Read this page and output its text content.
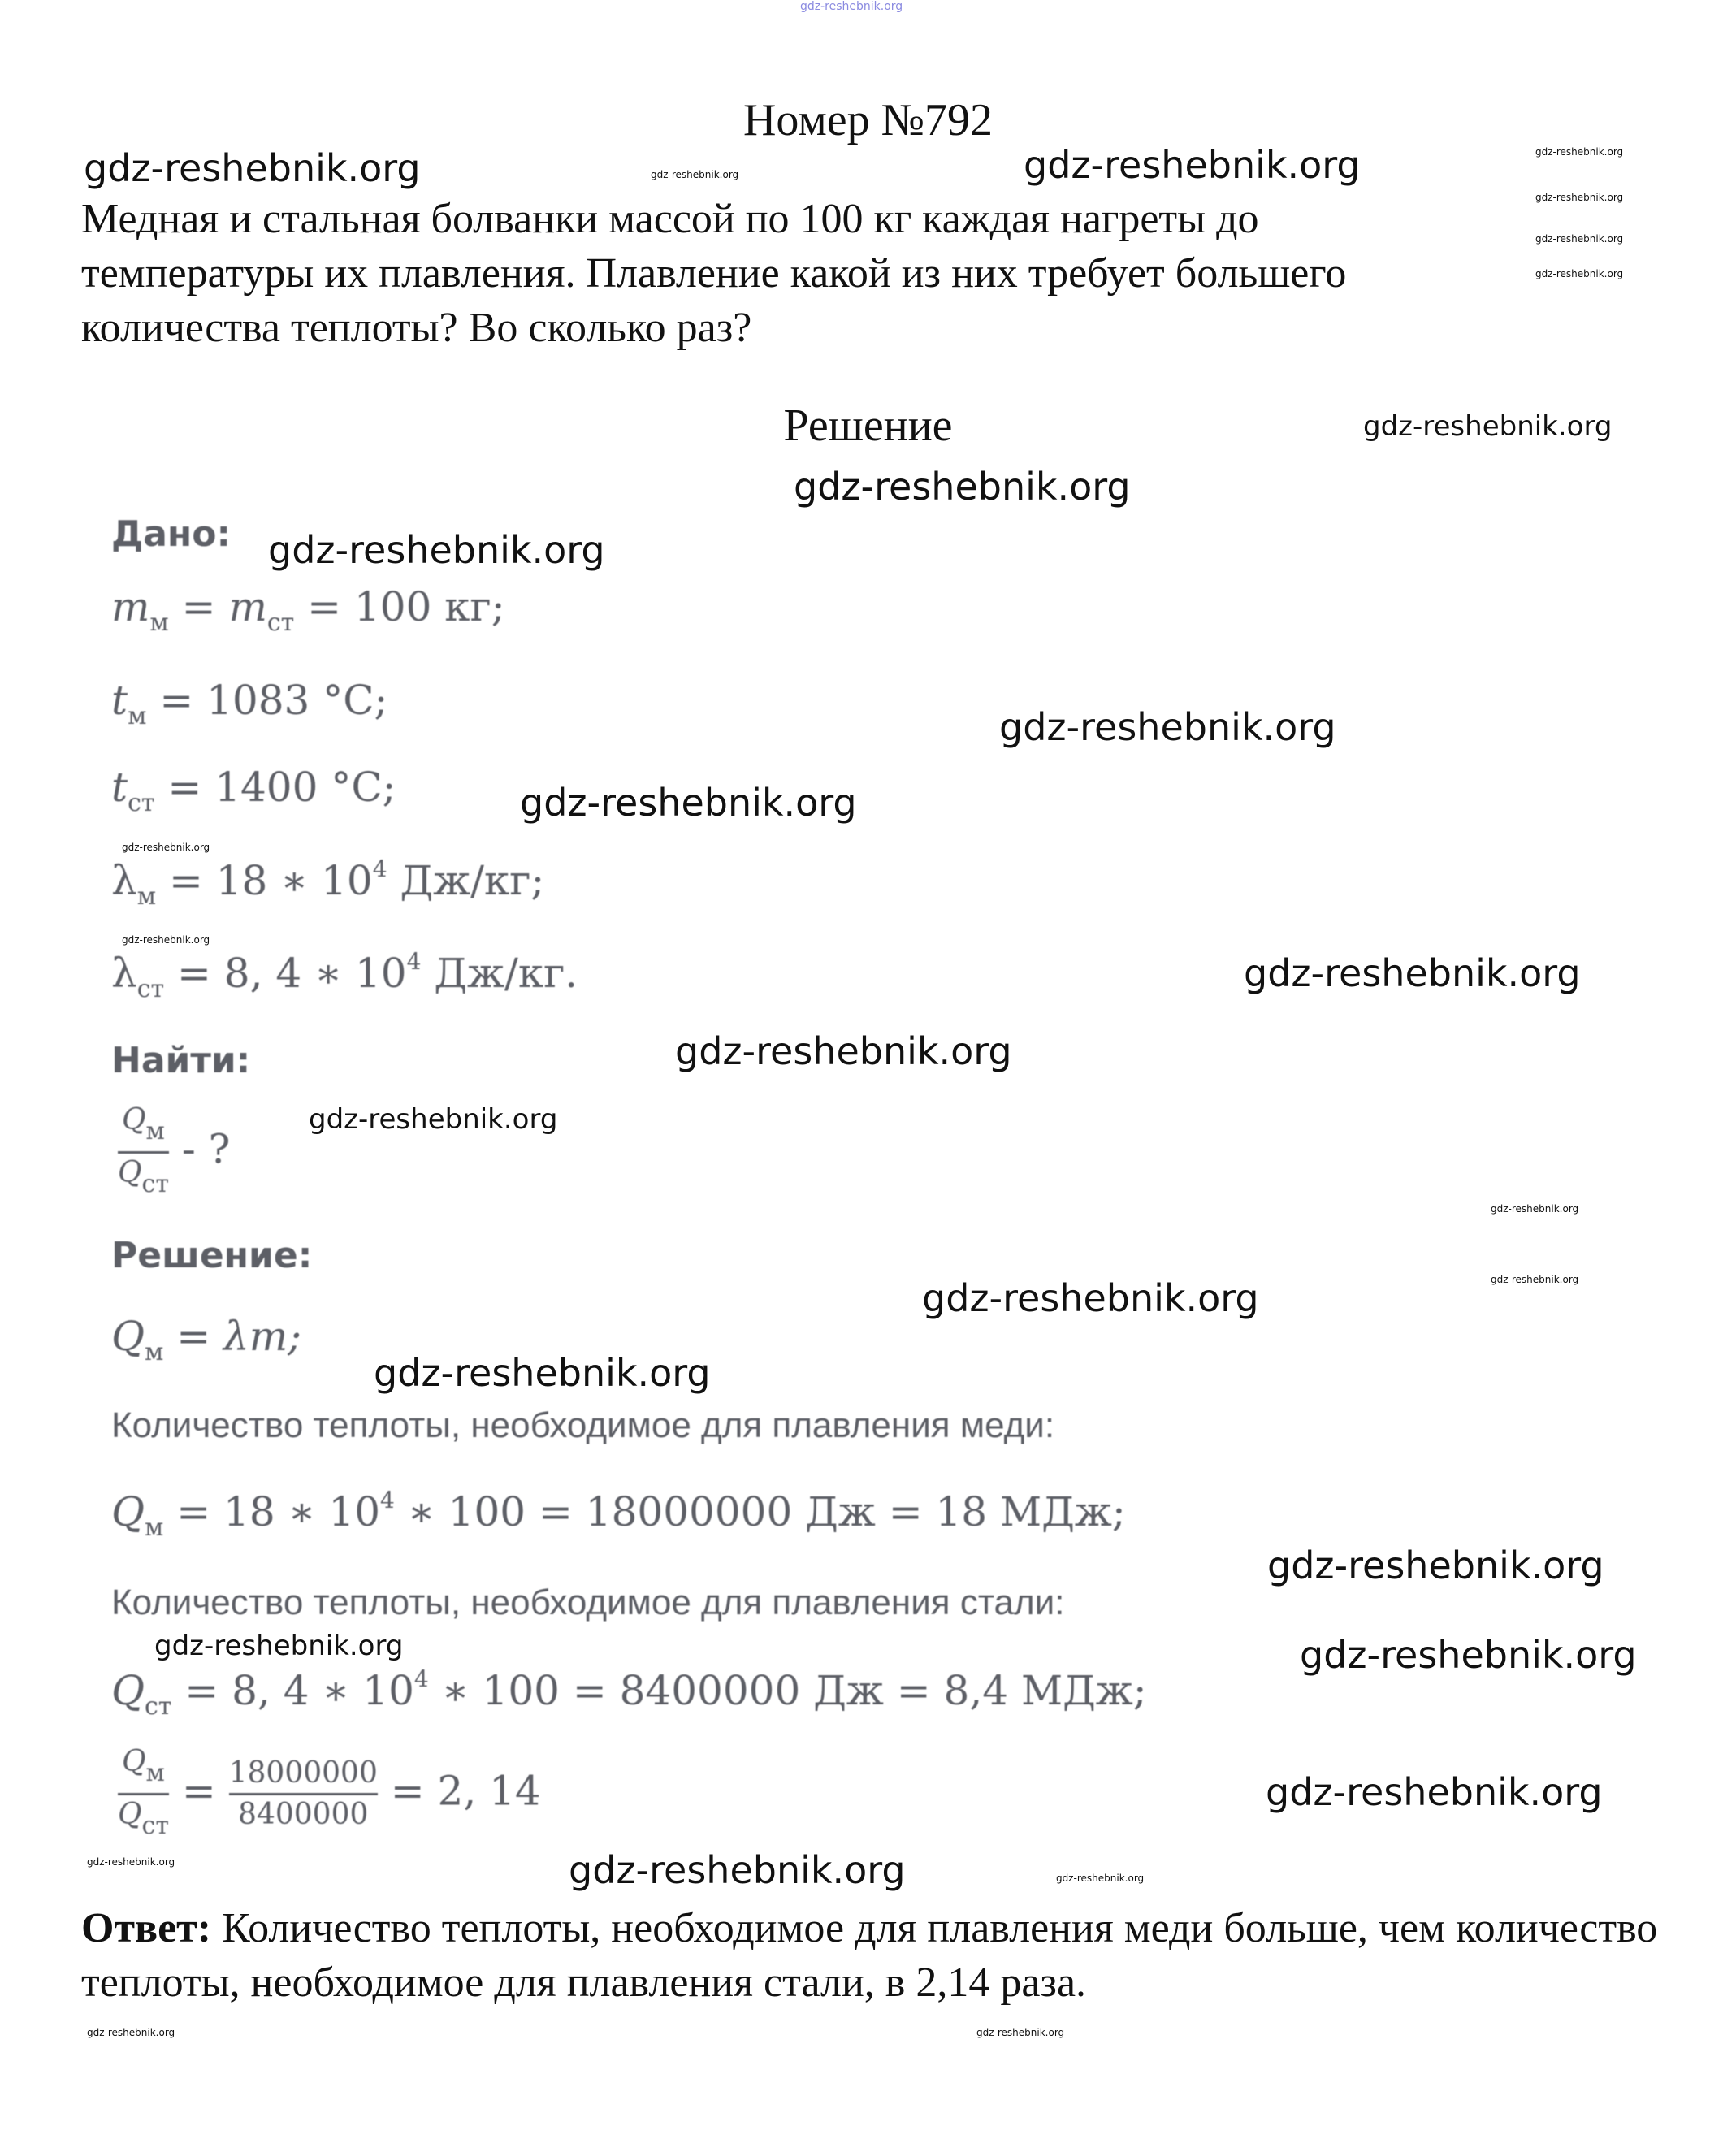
gdz-reshebnik.org
Номер №792
Медная и стальная болванки массой по 100 кг каждая нагреты до температуры их плавления. Плавление какой из них требует большего количества теплоты? Во сколько раз?
Решение
Дано:
$m_м = m_{ст} = 100$ кг;
$t_м = 1083$ °C;
$t_{ст} = 1400$ °C;
$\lambda_м = 18$ ∗ $10^4$ Дж/кг;
$\lambda_{ст} = 8$, 4 ∗ $10^4$ Дж/кг.
Найти:
$\frac{Q_м}{Q_{ст}}$ - ?
Решение:
$Q_м = \lambda m$;
Количество теплоты, необходимое для плавления меди:
$Q_м = 18$ ∗ $10^4$ ∗ 100 = 18000000 Дж = 18 МДж;
Количество теплоты, необходимое для плавления стали:
$Q_{ст} = 8$, 4 ∗ $10^4$ ∗ 100 = 8400000 Дж = 8,4 МДж;
$\frac{Q_м}{Q_{ст}} = \frac{18000000}{8400000} = 2$, 14
Ответ: Количество теплоты, необходимое для плавления меди больше, чем количество теплоты, необходимое для плавления стали, в 2,14 раза.
gdz-reshebnik.org	gdz-reshebnik.org
gdz-reshebnik.org
gdz-reshebnik.org
gdz-reshebnik.org
gdz-reshebnik.org
gdz-reshebnik.org
gdz-reshebnik.org
gdz-reshebnik.org
gdz-reshebnik.org
gdz-reshebnik.org
gdz-reshebnik.org
gdz-reshebnik.org
gdz-reshebnik.org	gdz-reshebnik.org
gdz-reshebnik.org
gdz-reshebnik.org
gdz-reshebnik.org
gdz-reshebnik.org
gdz-reshebnik.org
gdz-reshebnik.org
gdz-reshebnik.org
gdz-reshebnik.org
gdz-reshebnik.org
gdz-reshebnik.org
gdz-reshebnik.org
gdz-reshebnik.org
gdz-reshebnik.org
gdz-reshebnik.org	gdz-reshebnik.org
